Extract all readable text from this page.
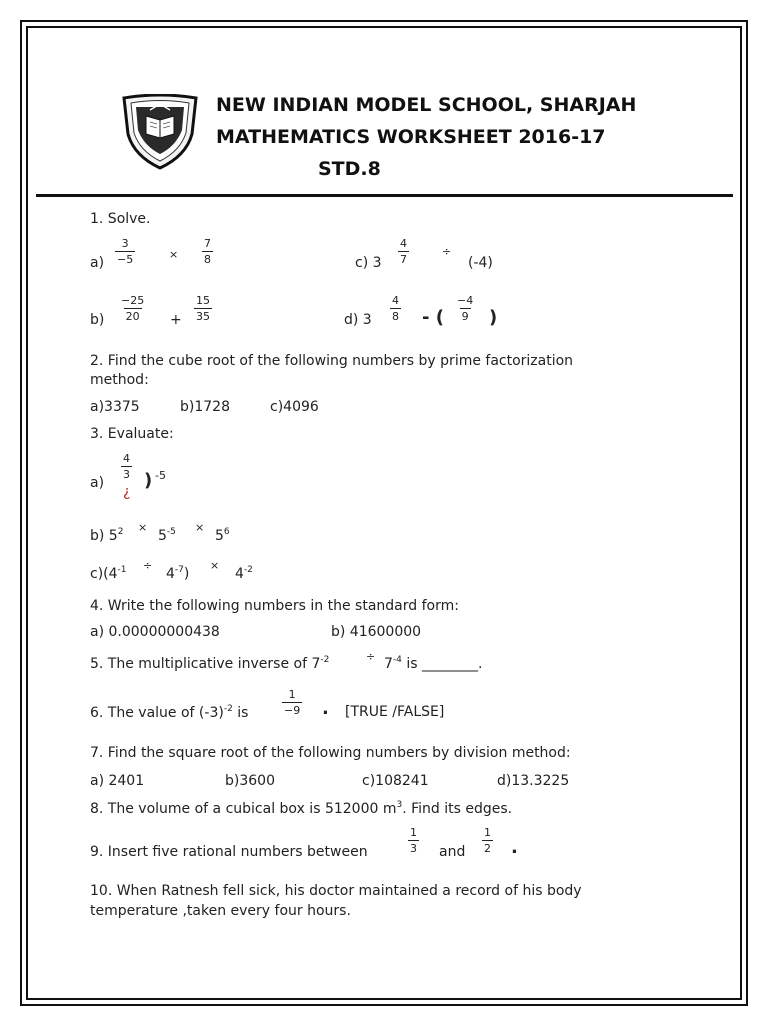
NEW INDIAN MODEL SCHOOL, SHARJAH
MATHEMATICS WORKSHEET 2016-17
STD.8
1. Solve.
$a) \frac{3}{-5}$	× $\frac{7}{8}$	c) $3 \frac{4}{7}$	÷
(-4)
$b) \frac{-25}{20} + \frac{15}{35}$	d) $3 \frac{4}{8}$ - ( $\frac{-4}{9}$ )
2. Find the cube root of the following numbers by prime factorization
method:
a)3375	b)1728	c)4096
3. Evaluate:
a)
$\frac{4}{3}$
¿
) -5
b) $5^2$ ×
$5^{-5}$ ×
$5^6$
$c)(4^{-1}$ ÷
$4^{-7}$)
×
$4^{-2}$
4. Write the following numbers in the standard form:
a) 0.00000000438	b) 41600000
5. The multiplicative inverse of $7^{-2}$	÷ $7^{-4}$ is ________.
6. The value of $(-3)^{-2}$ is	$\frac{1}{-9}$ . [TRUE /FALSE]
7. Find the square root of the following numbers by division method:
a) 2401	b)3600	c)108241	d)13.3225
8. The volume of a cubical box is 512000 $m^3$. Find its edges.
9. Insert five rational numbers between	$\frac{1}{3}$ and $\frac{1}{2}$ .
10. When Ratnesh fell sick, his doctor maintained a record of his body
temperature ,taken every four hours.
